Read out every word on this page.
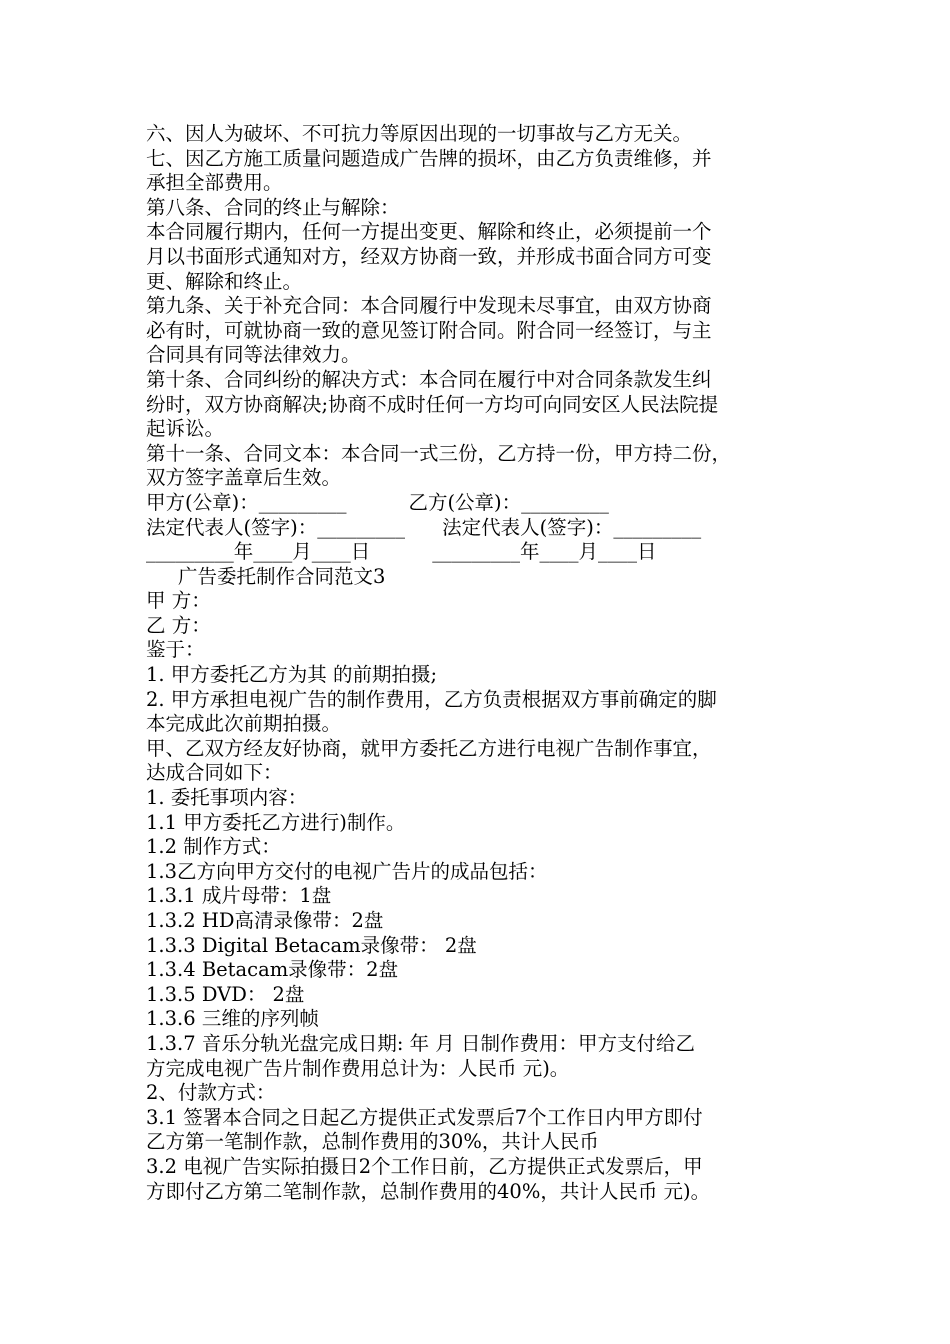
六、因人为破坏、不可抗力等原因出现的一切事故与乙方无关。
七、因乙方施工质量问题造成广告牌的损坏，由乙方负责维修，并
承担全部费用。
第八条、合同的终止与解除：
本合同履行期内，任何一方提出变更、解除和终止，必须提前一个
月以书面形式通知对方，经双方协商一致，并形成书面合同方可变
更、解除和终止。
第九条、关于补充合同：本合同履行中发现未尽事宜，由双方协商
必有时，可就协商一致的意见签订附合同。附合同一经签订，与主
合同具有同等法律效力。
第十条、合同纠纷的解决方式：本合同在履行中对合同条款发生纠
纷时，双方协商解决;协商不成时任何一方均可向同安区人民法院提
起诉讼。
第十一条、合同文本：本合同一式三份，乙方持一份，甲方持二份，
双方签字盖章后生效。
甲方(公章)：_________          乙方(公章)：_________
法定代表人(签字)：_________      法定代表人(签字)：_________
_________年____月____日          _________年____月____日
广告委托制作合同范文3
甲 方：
乙 方：
鉴于：
1. 甲方委托乙方为其 的前期拍摄;
2. 甲方承担电视广告的制作费用，乙方负责根据双方事前确定的脚
本完成此次前期拍摄。
甲、乙双方经友好协商，就甲方委托乙方进行电视广告制作事宜，
达成合同如下：
1. 委托事项内容：
1.1 甲方委托乙方进行)制作。
1.2 制作方式：
1.3乙方向甲方交付的电视广告片的成品包括：
1.3.1 成片母带：1盘
1.3.2 HD高清录像带：2盘
1.3.3 Digital Betacam录像带： 2盘
1.3.4 Betacam录像带：2盘
1.3.5 DVD： 2盘
1.3.6 三维的序列帧
1.3.7 音乐分轨光盘完成日期: 年 月 日制作费用：甲方支付给乙
方完成电视广告片制作费用总计为：人民币 元)。
2、付款方式：
3.1 签署本合同之日起乙方提供正式发票后7个工作日内甲方即付
乙方第一笔制作款，总制作费用的30%，共计人民币
3.2 电视广告实际拍摄日2个工作日前，乙方提供正式发票后，甲
方即付乙方第二笔制作款，总制作费用的40%，共计人民币 元)。
